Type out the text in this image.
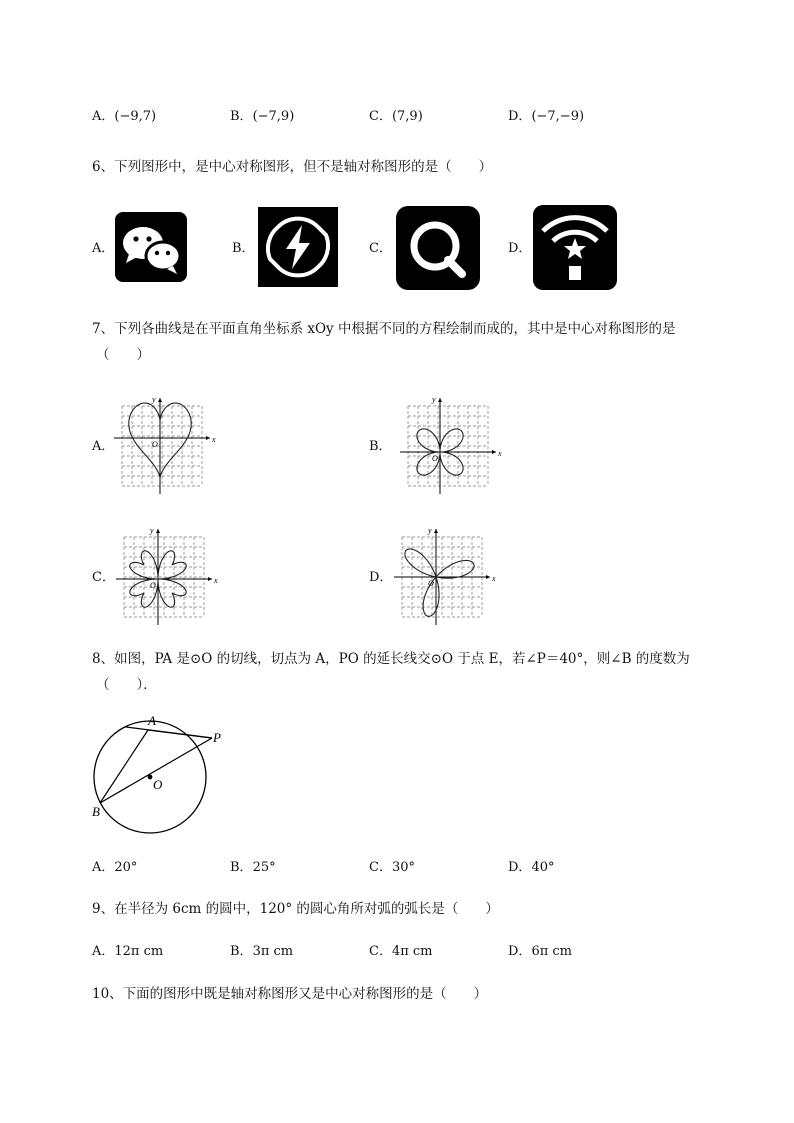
A．(−9,7)	B．(−7,9)	C．(7,9)	D．(−7,−9)
6、下列图形中，是中心对称图形，但不是轴对称图形的是（　　）
A．	B．	C．	D．
7、下列各曲线是在平面直角坐标系 xOy 中根据不同的方程绘制而成的，其中是中心对称图形的是
（　　）
A．	x
y
O	B．	x
y
O
C．	x
y
O
D．	x
y
O
8、如图，PA 是⊙O 的切线，切点为 A，PO 的延长线交⊙O 于点 E，若∠P＝40°，则∠B 的度数为
（　　）．
A
P
O
B
A．20°	B．25°	C．30°	D．40°
9、在半径为 6cm 的圆中，120° 的圆心角所对弧的弧长是（　　）
A．12π cm	B．3π cm	C．4π cm	D．6π cm
10、下面的图形中既是轴对称图形又是中心对称图形的是（　　）
